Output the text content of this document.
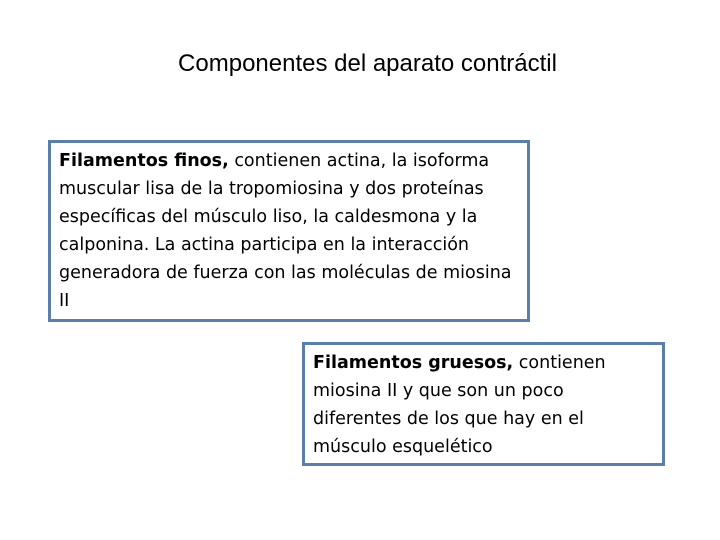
Componentes del aparato contráctil
Filamentos finos, contienen actina, la isoforma muscular lisa de la tropomiosina y dos proteínas específicas del músculo liso, la caldesmona y la calponina. La actina participa en la interacción generadora de fuerza con las moléculas de miosina II
Filamentos gruesos, contienen miosina II y que son un poco diferentes de los que hay en el músculo esquelético
